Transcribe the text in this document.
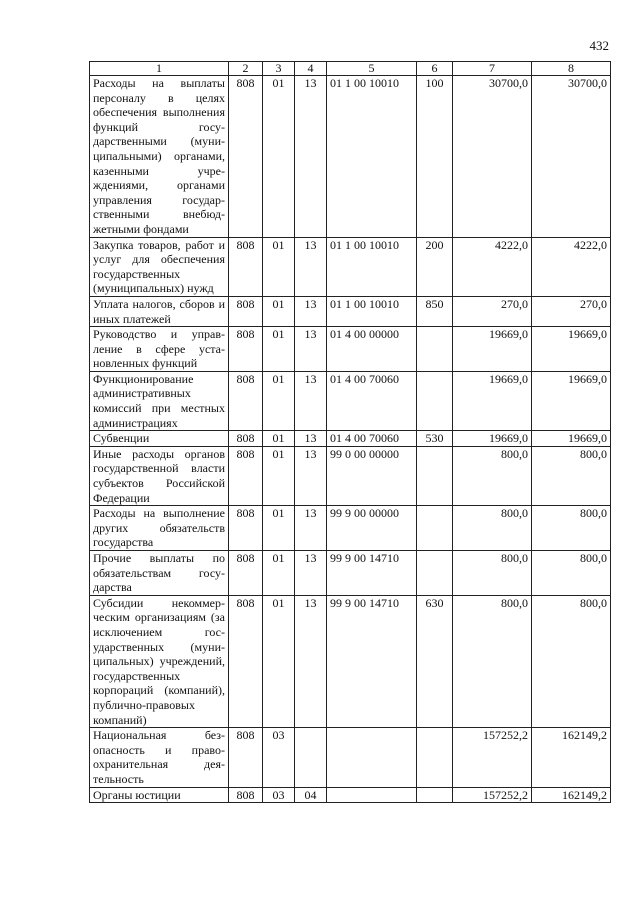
432
1	2	3	4	5	6	7	8
Расходы на выплаты персоналу в целях обеспечения выполнения функций государственными (муниципальными) органами, казенными учреждениями, органами управления государственными внебюджетными фондами	808	01	13	01 1 00 10010	100	30700,0	30700,0
Закупка товаров, работ и услуг для обеспечения государственных (муниципальных) нужд	808	01	13	01 1 00 10010	200	4222,0	4222,0
Уплата налогов, сборов и иных платежей	808	01	13	01 1 00 10010	850	270,0	270,0
Руководство и управление в сфере установленных функций	808	01	13	01 4 00 00000		19669,0	19669,0
Функционирование административных комиссий при местных администрациях	808	01	13	01 4 00 70060		19669,0	19669,0
Субвенции	808	01	13	01 4 00 70060	530	19669,0	19669,0
Иные расходы органов государственной власти субъектов Российской Федерации	808	01	13	99 0 00 00000		800,0	800,0
Расходы на выполнение других обязательств государства	808	01	13	99 9 00 00000		800,0	800,0
Прочие выплаты по обязательствам государства	808	01	13	99 9 00 14710		800,0	800,0
Субсидии некоммерческим организациям (за исключением государственных (муниципальных) учреждений, государственных корпораций (компаний), публично-правовых компаний)	808	01	13	99 9 00 14710	630	800,0	800,0
Национальная безопасность и правоохранительная деятельность	808	03				157252,2	162149,2
Органы юстиции	808	03	04			157252,2	162149,2
